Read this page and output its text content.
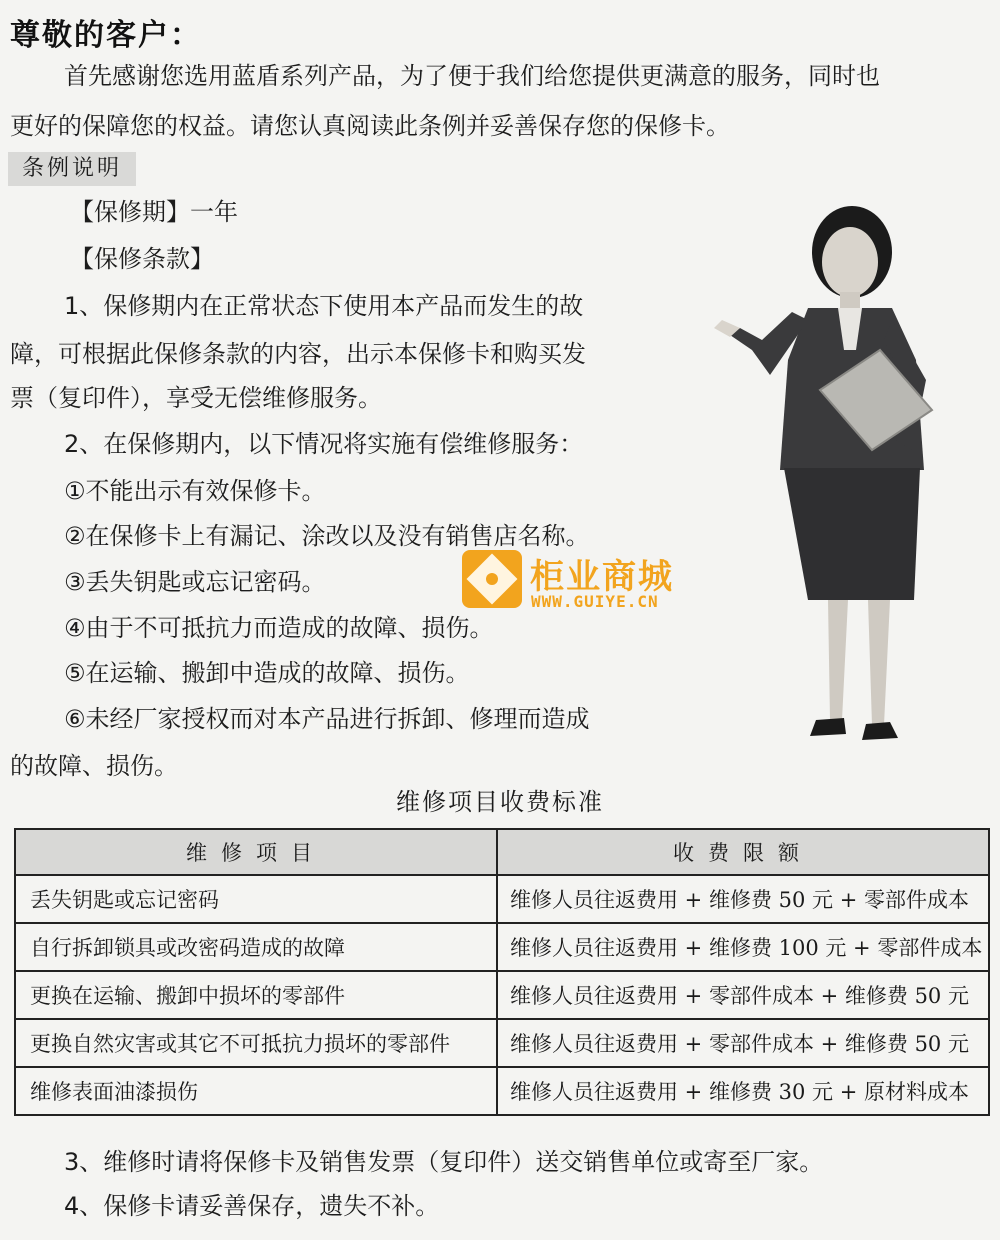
尊敬的客户：
首先感谢您选用蓝盾系列产品，为了便于我们给您提供更满意的服务，同时也
更好的保障您的权益。请您认真阅读此条例并妥善保存您的保修卡。
条例说明
【保修期】一年
【保修条款】
1、保修期内在正常状态下使用本产品而发生的故
障，可根据此保修条款的内容，出示本保修卡和购买发
票（复印件），享受无偿维修服务。
2、在保修期内，以下情况将实施有偿维修服务：
①不能出示有效保修卡。
②在保修卡上有漏记、涂改以及没有销售店名称。
③丢失钥匙或忘记密码。
④由于不可抵抗力而造成的故障、损伤。
⑤在运输、搬卸中造成的故障、损伤。
⑥未经厂家授权而对本产品进行拆卸、修理而造成
的故障、损伤。
柜业商城
WWW.GUIYE.CN
维修项目收费标准
维修项目	收费限额
丢失钥匙或忘记密码	维修人员往返费用 + 维修费 50 元 + 零部件成本
自行拆卸锁具或改密码造成的故障	维修人员往返费用 + 维修费 100 元 + 零部件成本
更换在运输、搬卸中损坏的零部件	维修人员往返费用 + 零部件成本 + 维修费 50 元
更换自然灾害或其它不可抵抗力损坏的零部件	维修人员往返费用 + 零部件成本 + 维修费 50 元
维修表面油漆损伤	维修人员往返费用 + 维修费 30 元 + 原材料成本
3、维修时请将保修卡及销售发票（复印件）送交销售单位或寄至厂家。
4、保修卡请妥善保存，遗失不补。
